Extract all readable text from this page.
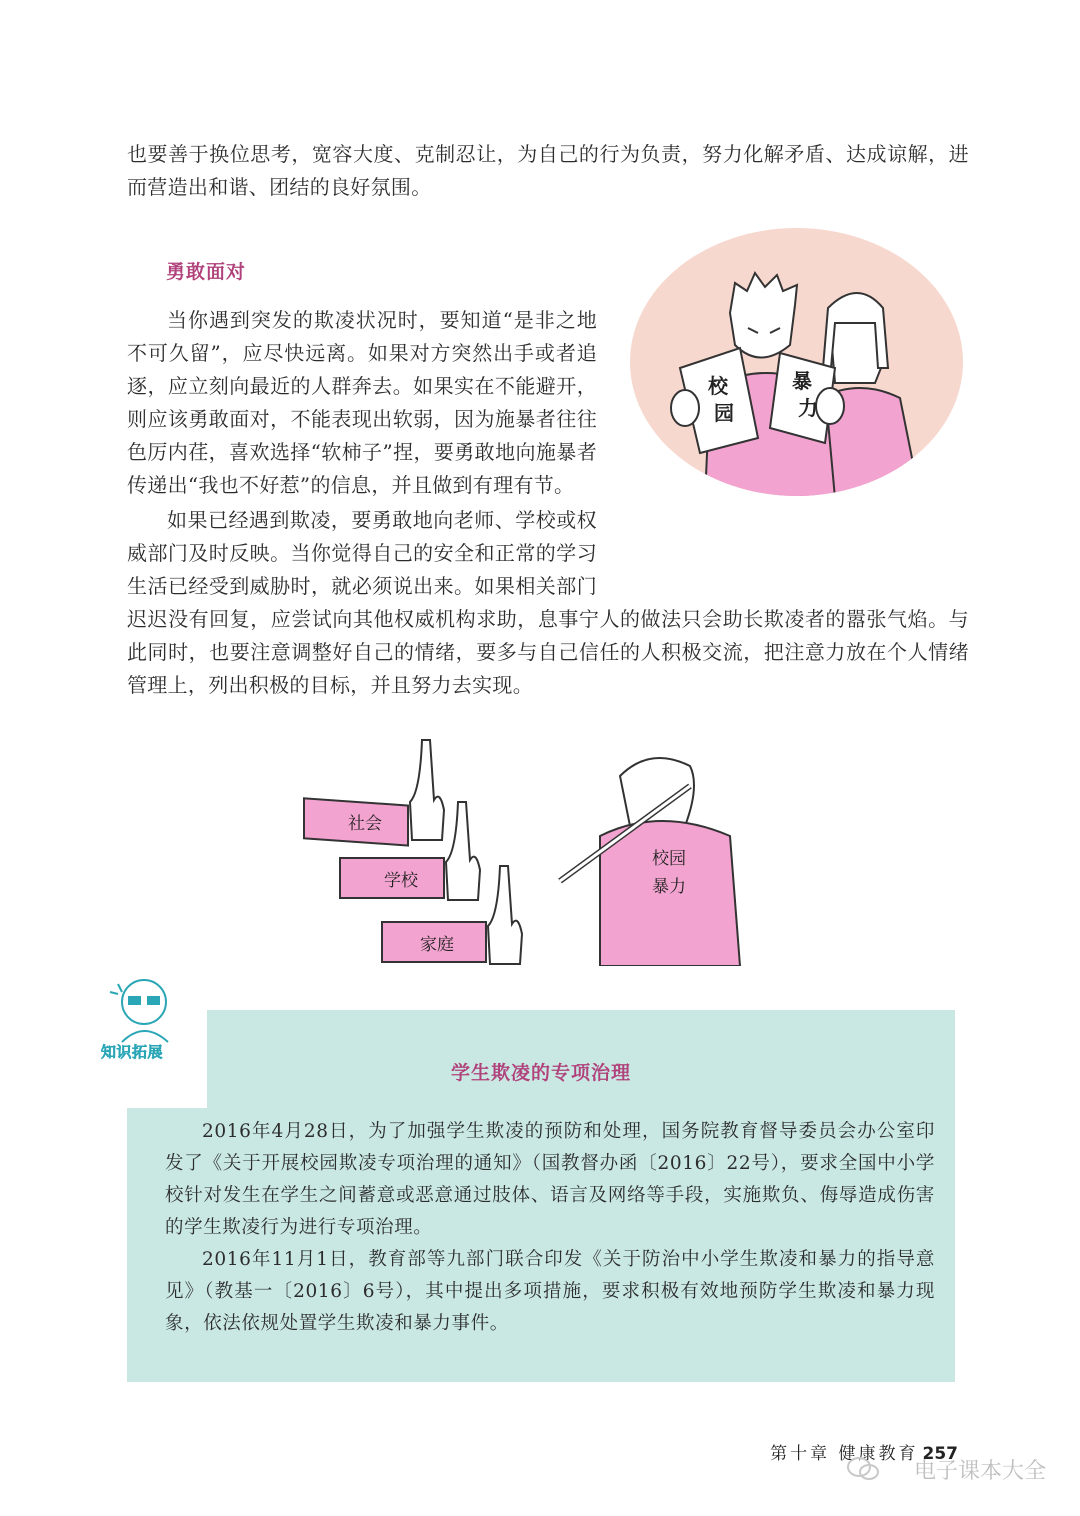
也要善于换位思考，宽容大度、克制忍让，为自己的行为负责，努力化解矛盾、达成谅解，进而营造出和谐、团结的良好氛围。

勇敢面对

当你遇到突发的欺凌状况时，要知道“是非之地不可久留”，应尽快远离。如果对方突然出手或者追逐，应立刻向最近的人群奔去。如果实在不能避开，则应该勇敢面对，不能表现出软弱，因为施暴者往往色厉内荏，喜欢选择“软柿子”捏，要勇敢地向施暴者传递出“我也不好惹”的信息，并且做到有理有节。

如果已经遇到欺凌，要勇敢地向老师、学校或权威部门及时反映。当你觉得自己的安全和正常的学习生活已经受到威胁时，就必须说出来。如果相关部门迟迟没有回复，应尝试向其他权威机构求助，息事宁人的做法只会助长欺凌者的嚣张气焰。与此同时，也要注意调整好自己的情绪，要多与自己信任的人积极交流，把注意力放在个人情绪管理上，列出积极的目标，并且努力去实现。

校
园
暴
力
社会
学校
家庭
校园
暴力
学生欺凌的专项治理

2016年4月28日，为了加强学生欺凌的预防和处理，国务院教育督导委员会办公室印发了《关于开展校园欺凌专项治理的通知》（国教督办函〔2016〕22号），要求全国中小学校针对发生在学生之间蓄意或恶意通过肢体、语言及网络等手段，实施欺负、侮辱造成伤害的学生欺凌行为进行专项治理。

2016年11月1日，教育部等九部门联合印发《关于防治中小学生欺凌和暴力的指导意见》（教基一〔2016〕6号），其中提出多项措施，要求积极有效地预防学生欺凌和暴力现象，依法依规处置学生欺凌和暴力事件。

知识拓展
第十章 健康教育 257
电子课本大全
